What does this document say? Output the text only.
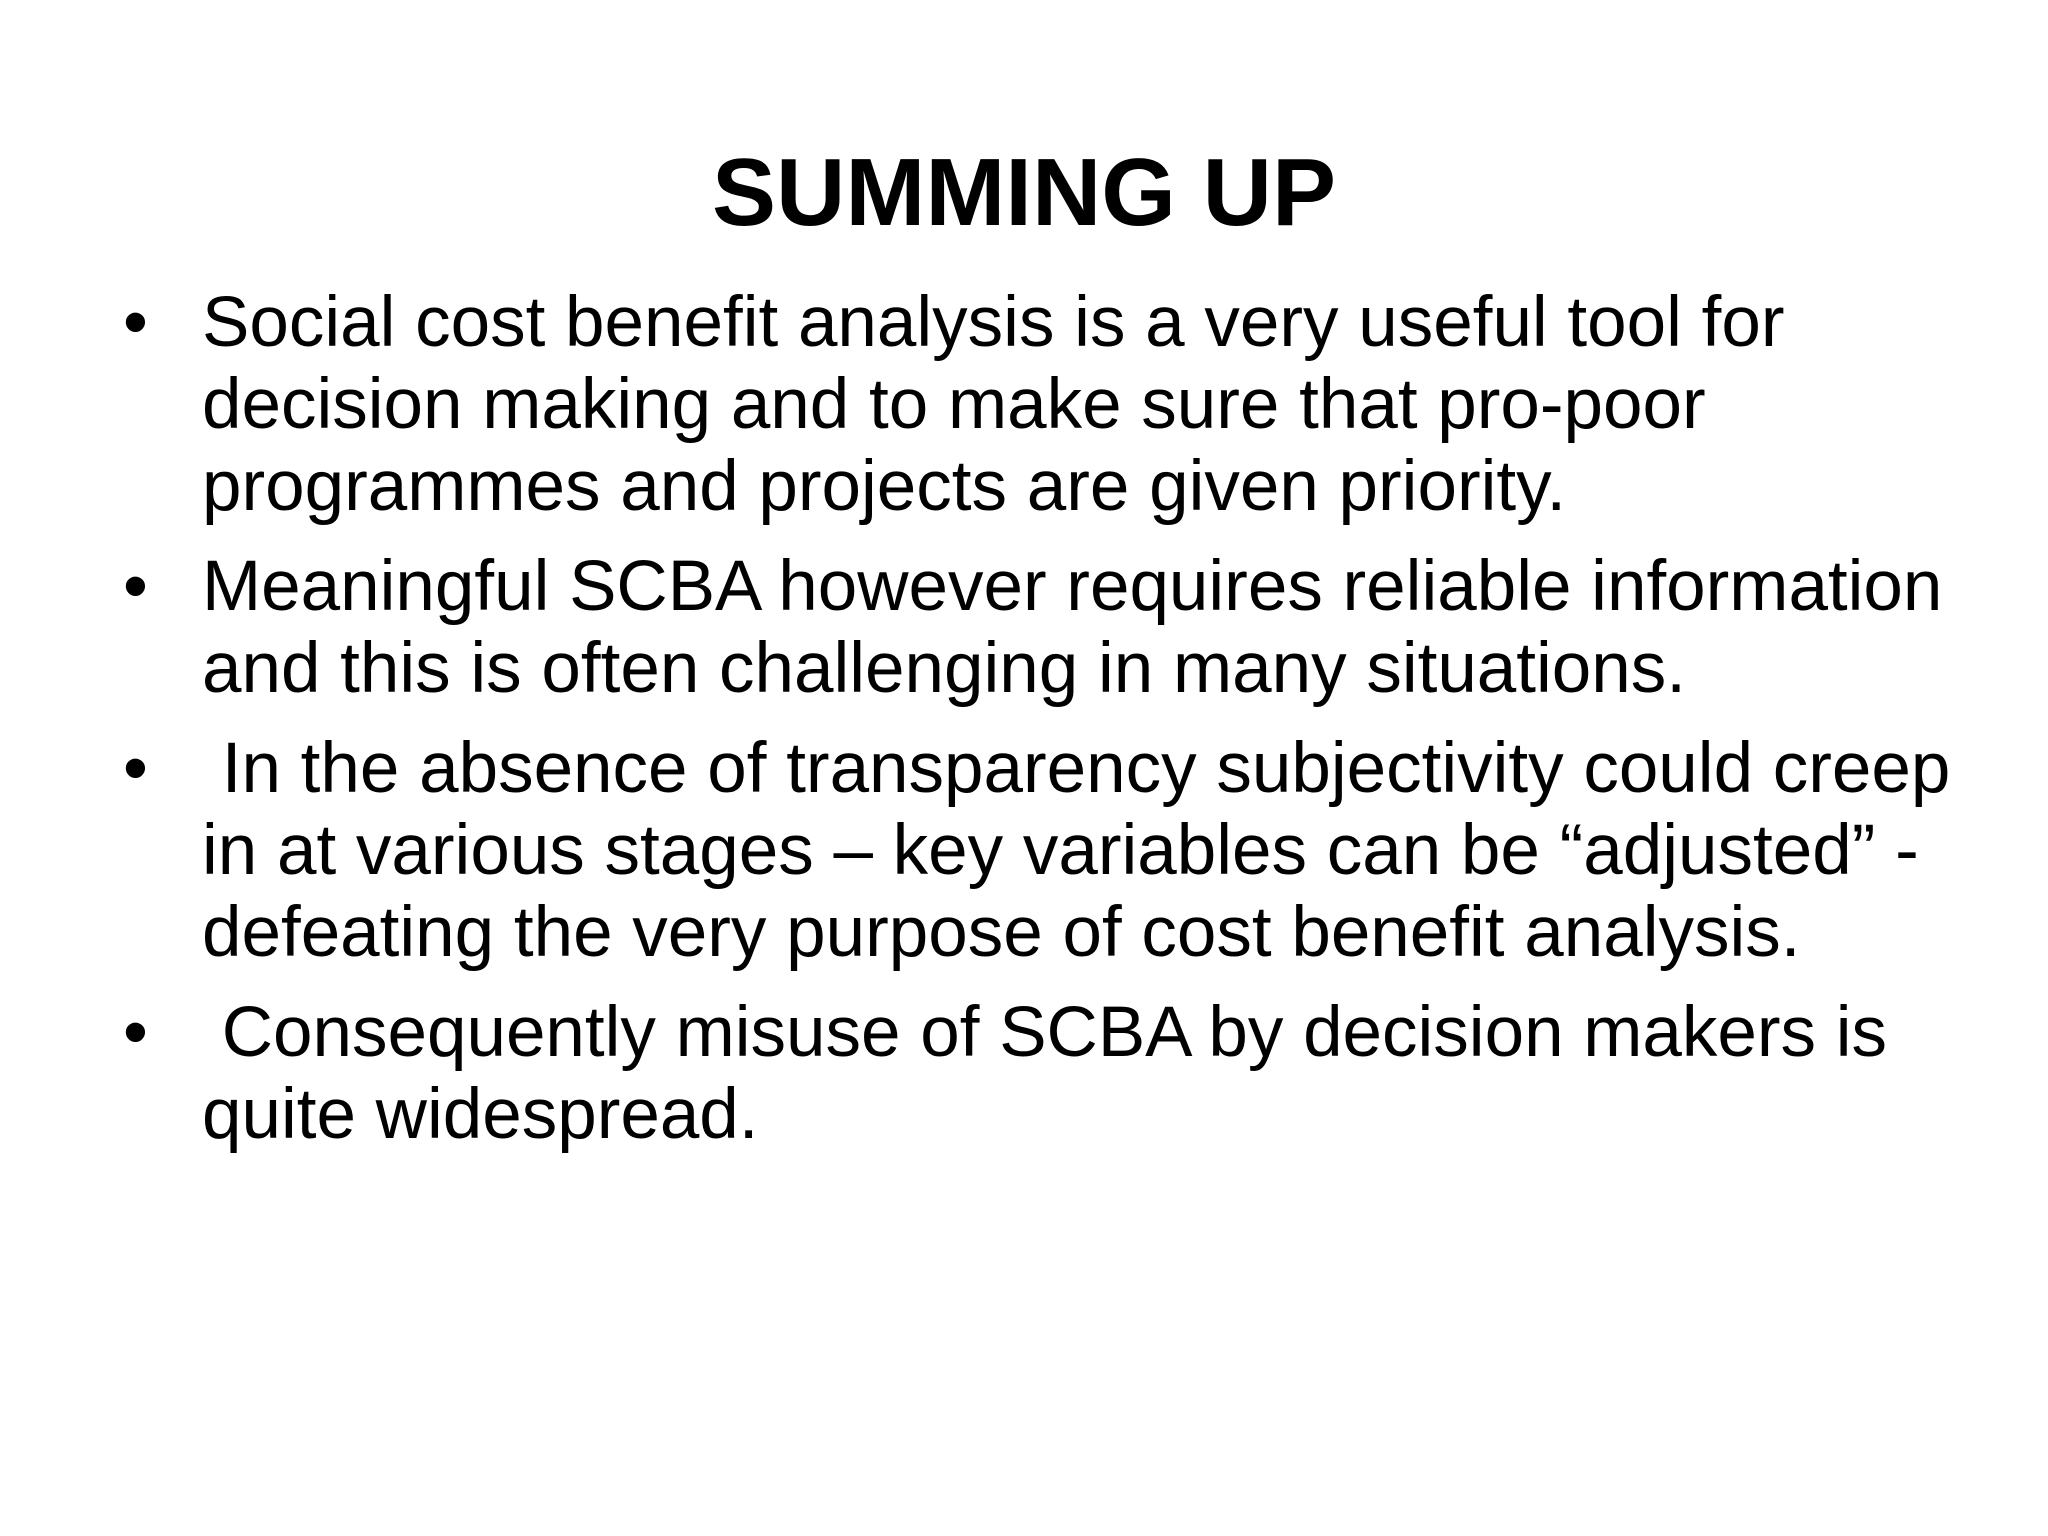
SUMMING UP
• Social cost benefit analysis is a very useful tool for decision making and to make sure that pro-poor programmes and projects are given priority.
• Meaningful SCBA however requires reliable information and this is often challenging in many situations.
• In the absence of transparency subjectivity could creep in at various stages – key variables can be “adjusted” - defeating the very purpose of cost benefit analysis.
• Consequently misuse of SCBA by decision makers is quite widespread.
